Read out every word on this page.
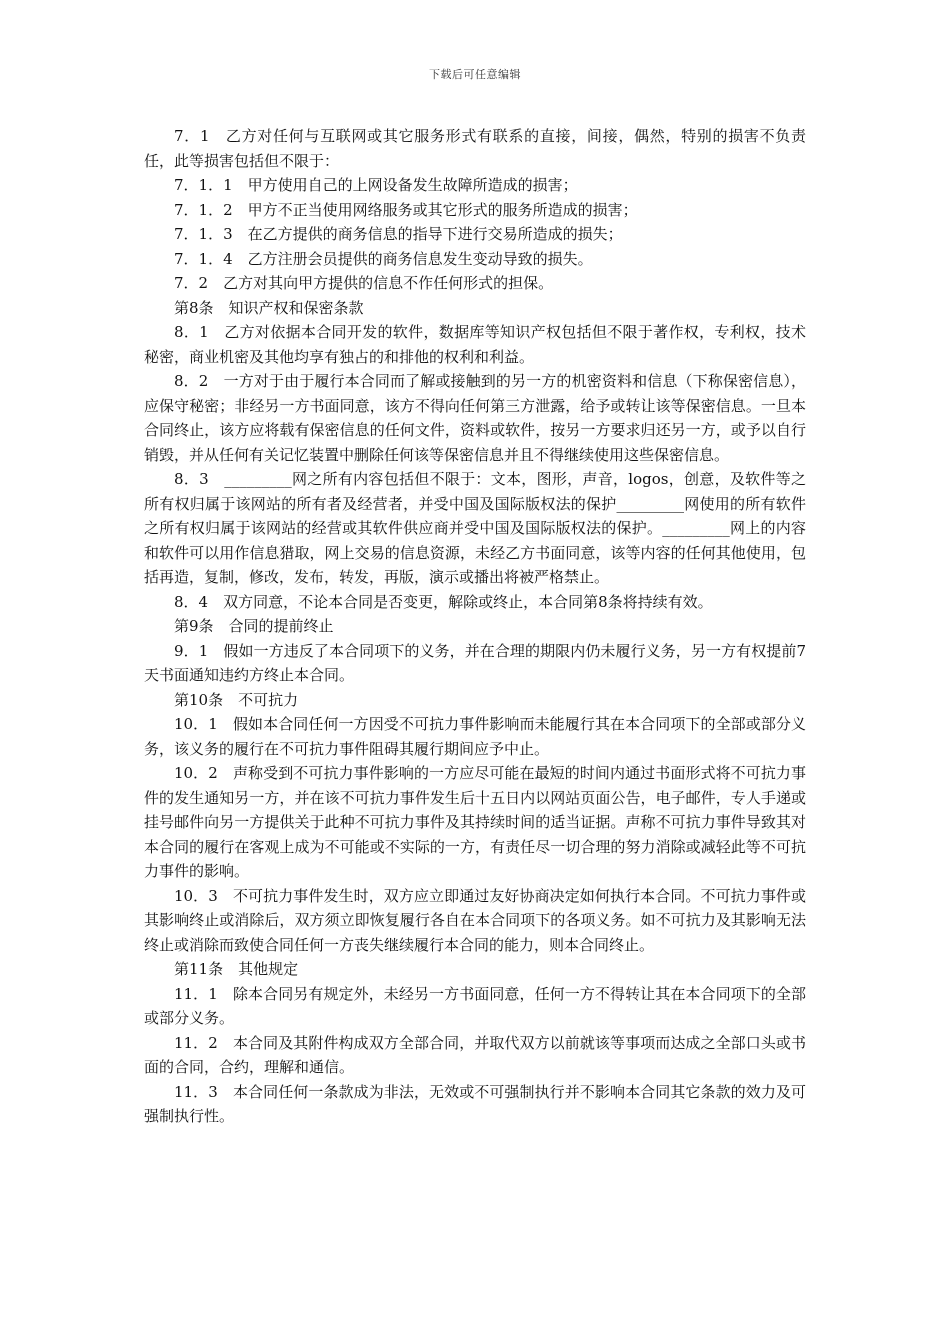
下载后可任意编辑

7．1　乙方对任何与互联网或其它服务形式有联系的直接，间接，偶然，特别的损害不负责任，此等损害包括但不限于：

7．1．1　甲方使用自己的上网设备发生故障所造成的损害；

7．1．2　甲方不正当使用网络服务或其它形式的服务所造成的损害；

7．1．3　在乙方提供的商务信息的指导下进行交易所造成的损失；

7．1．4　乙方注册会员提供的商务信息发生变动导致的损失。

7．2　乙方对其向甲方提供的信息不作任何形式的担保。

第8条　知识产权和保密条款

8．1　乙方对依据本合同开发的软件，数据库等知识产权包括但不限于著作权，专利权，技术秘密，商业机密及其他均享有独占的和排他的权利和利益。

8．2　一方对于由于履行本合同而了解或接触到的另一方的机密资料和信息（下称保密信息），应保守秘密；非经另一方书面同意，该方不得向任何第三方泄露，给予或转让该等保密信息。一旦本合同终止，该方应将载有保密信息的任何文件，资料或软件，按另一方要求归还另一方，或予以自行销毁，并从任何有关记忆装置中删除任何该等保密信息并且不得继续使用这些保密信息。

8．3　_________网之所有内容包括但不限于：文本，图形，声音，logos，创意，及软件等之所有权归属于该网站的所有者及经营者，并受中国及国际版权法的保护_________网使用的所有软件之所有权归属于该网站的经营或其软件供应商并受中国及国际版权法的保护。_________网上的内容和软件可以用作信息猎取，网上交易的信息资源，未经乙方书面同意，该等内容的任何其他使用，包括再造，复制，修改，发布，转发，再版，演示或播出将被严格禁止。

8．4　双方同意，不论本合同是否变更，解除或终止，本合同第8条将持续有效。

第9条　合同的提前终止

9．1　假如一方违反了本合同项下的义务，并在合理的期限内仍未履行义务，另一方有权提前7天书面通知违约方终止本合同。

第10条　不可抗力

10．1　假如本合同任何一方因受不可抗力事件影响而未能履行其在本合同项下的全部或部分义务，该义务的履行在不可抗力事件阻碍其履行期间应予中止。

10．2　声称受到不可抗力事件影响的一方应尽可能在最短的时间内通过书面形式将不可抗力事件的发生通知另一方，并在该不可抗力事件发生后十五日内以网站页面公告，电子邮件，专人手递或挂号邮件向另一方提供关于此种不可抗力事件及其持续时间的适当证据。声称不可抗力事件导致其对本合同的履行在客观上成为不可能或不实际的一方，有责任尽一切合理的努力消除或减轻此等不可抗力事件的影响。

10．3　不可抗力事件发生时，双方应立即通过友好协商决定如何执行本合同。不可抗力事件或其影响终止或消除后，双方须立即恢复履行各自在本合同项下的各项义务。如不可抗力及其影响无法终止或消除而致使合同任何一方丧失继续履行本合同的能力，则本合同终止。

第11条　其他规定

11．1　除本合同另有规定外，未经另一方书面同意，任何一方不得转让其在本合同项下的全部或部分义务。

11．2　本合同及其附件构成双方全部合同，并取代双方以前就该等事项而达成之全部口头或书面的合同，合约，理解和通信。

11．3　本合同任何一条款成为非法，无效或不可强制执行并不影响本合同其它条款的效力及可强制执行性。
